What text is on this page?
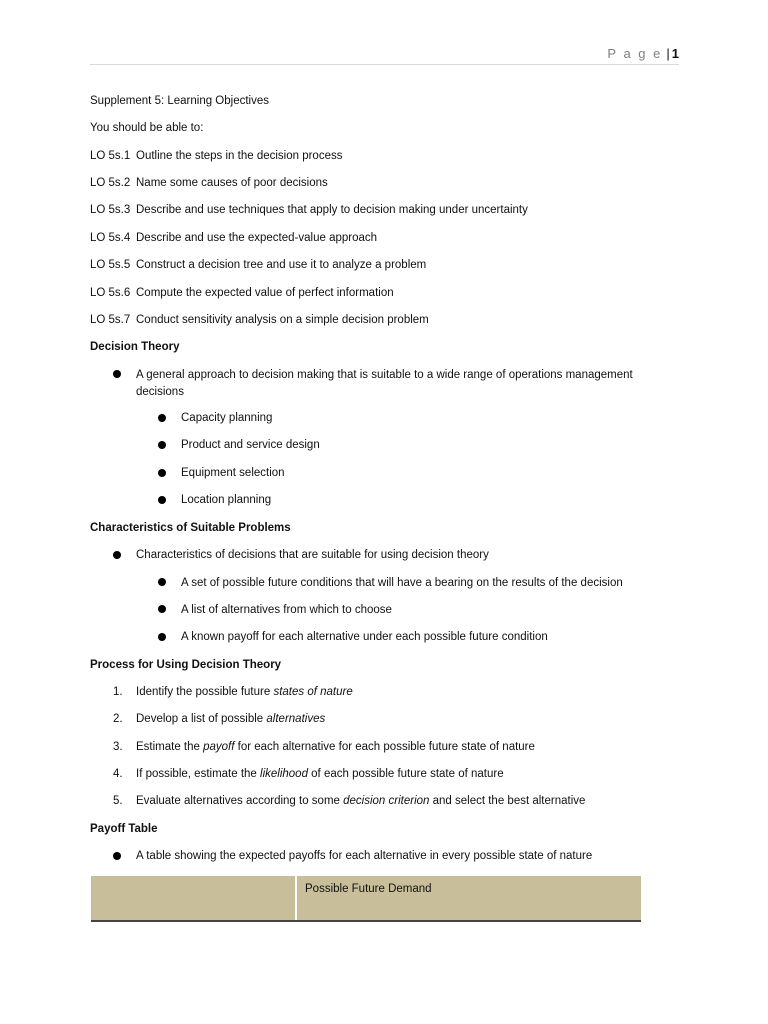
P a g e | 1
Supplement 5: Learning Objectives
You should be able to:
LO 5s.1 Outline the steps in the decision process
LO 5s.2 Name some causes of poor decisions
LO 5s.3 Describe and use techniques that apply to decision making under uncertainty
LO 5s.4 Describe and use the expected-value approach
LO 5s.5 Construct a decision tree and use it to analyze a problem
LO 5s.6 Compute the expected value of perfect information
LO 5s.7 Conduct sensitivity analysis on a simple decision problem
Decision Theory
A general approach to decision making that is suitable to a wide range of operations management decisions
Capacity planning
Product and service design
Equipment selection
Location planning
Characteristics of Suitable Problems
Characteristics of decisions that are suitable for using decision theory
A set of possible future conditions that will have a bearing on the results of the decision
A list of alternatives from which to choose
A known payoff for each alternative under each possible future condition
Process for Using Decision Theory
1. Identify the possible future states of nature
2. Develop a list of possible alternatives
3. Estimate the payoff for each alternative for each possible future state of nature
4. If possible, estimate the likelihood of each possible future state of nature
5. Evaluate alternatives according to some decision criterion and select the best alternative
Payoff Table
A table showing the expected payoffs for each alternative in every possible state of nature
Possible Future Demand
